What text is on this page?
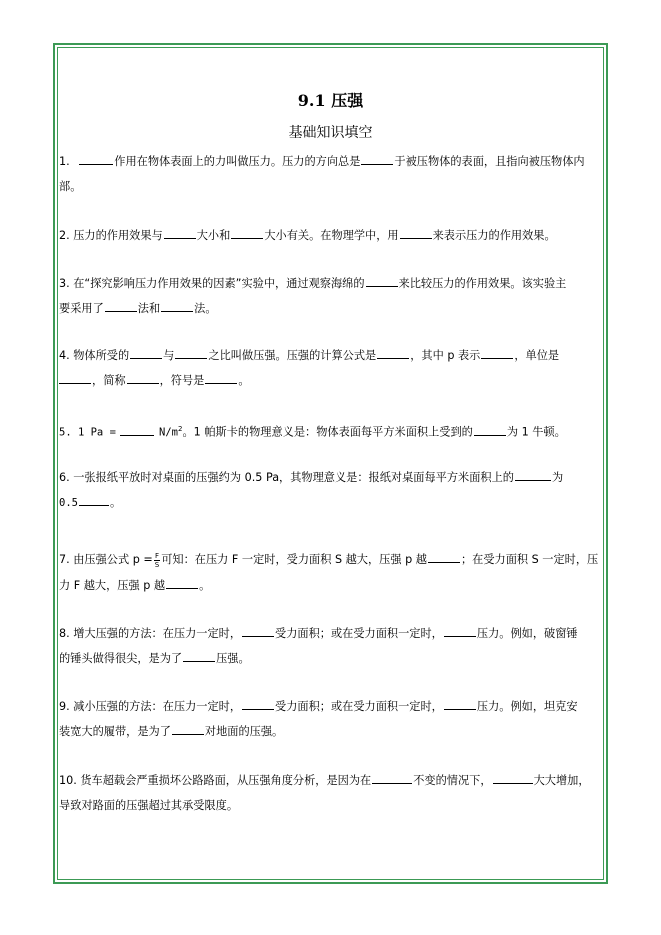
9.1 压强
基础知识填空
1.	作用在物体表面上的力叫做压力。压力的方向总是	于被压物体的表面，且指向被压物体内
部。
2. 压力的作用效果与	大小和	大小有关。在物理学中，用	来表示压力的作用效果。
3. 在“探究影响压力作用效果的因素”实验中，通过观察海绵的	来比较压力的作用效果。该实验主
要采用了	法和	法。
4. 物体所受的	与	之比叫做压强。压强的计算公式是	，其中 p 表示	，单位是
，简称	，符号是	。
5. 1 Pa =	$N/m^2$。1 帕斯卡的物理意义是：物体表面每平方米面积上受到的	为 1 牛顿。
6. 一张报纸平放时对桌面的压强约为 0.5 Pa，其物理意义是：报纸对桌面每平方米面积上的	为
0.5	。
7. 由压强公式 $p = \frac{F}{S}$ 可知：在压力 F 一定时，受力面积 S 越大，压强 p 越	；在受力面积 S 一定时，压
力 F 越大，压强 p 越	。
8. 增大压强的方法：在压力一定时，	受力面积；或在受力面积一定时，	压力。例如，破窗锤
的锤头做得很尖，是为了	压强。
9. 减小压强的方法：在压力一定时，	受力面积；或在受力面积一定时，	压力。例如，坦克安
装宽大的履带，是为了	对地面的压强。
10. 货车超载会严重损坏公路路面，从压强角度分析，是因为在	不变的情况下，	大大增加，
导致对路面的压强超过其承受限度。
